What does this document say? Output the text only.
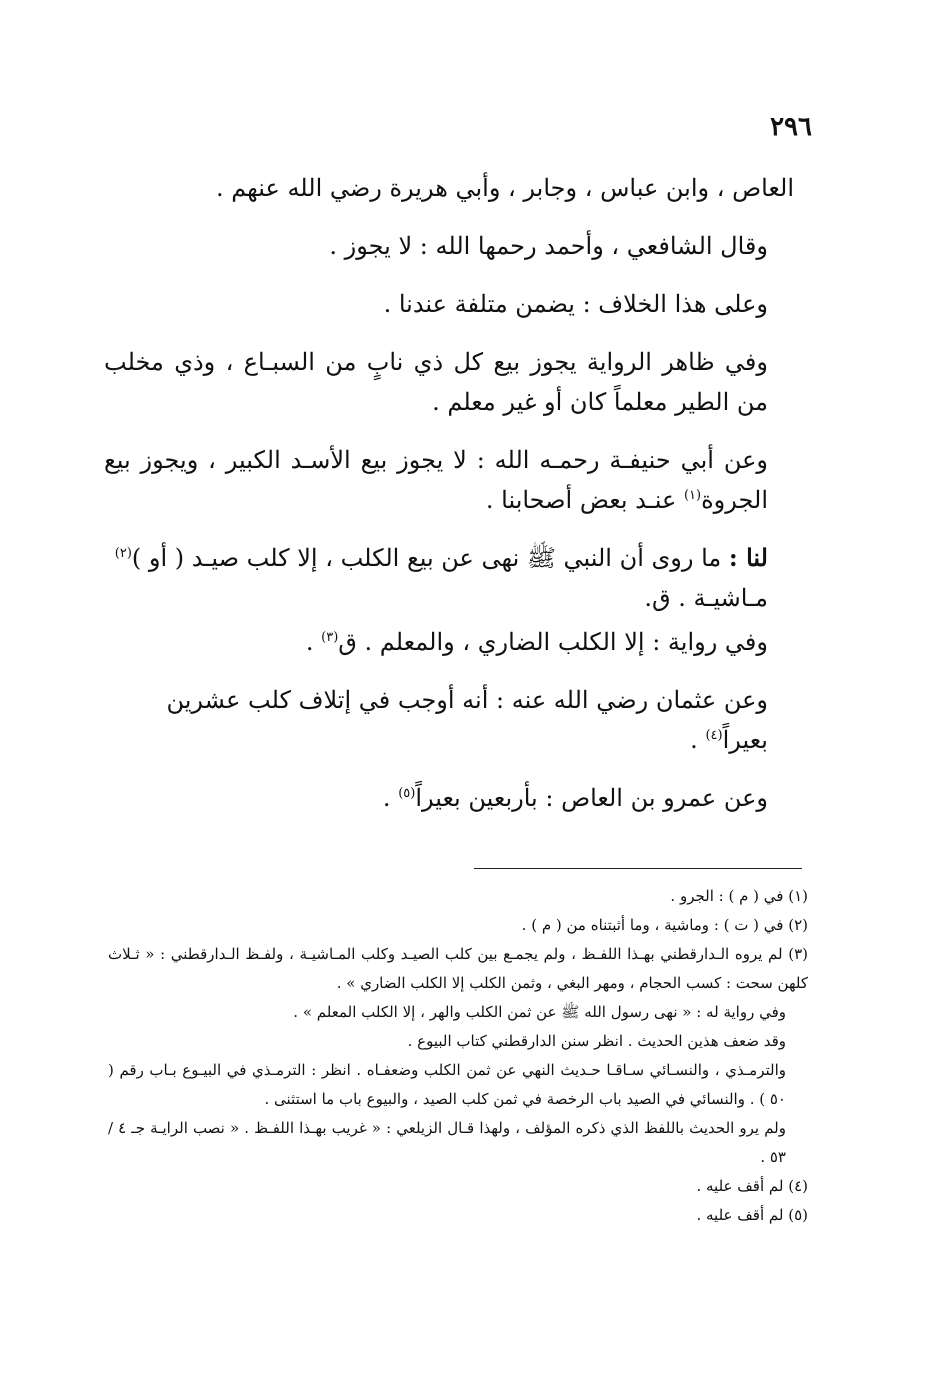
٢٩٦

العاص ، وابن عباس ، وجابر ، وأبي هريرة رضي الله عنهم .

وقال الشافعي ، وأحمد رحمها الله : لا يجوز .

وعلى هذا الخلاف : يضمن متلفة عندنا .

وفي ظاهر الرواية يجوز بيع كل ذي نابٍ من السبـاع ، وذي مخلب من الطير معلماً كان أو غير معلم .

وعن أبي حنيفـة رحمـه الله : لا يجوز بيع الأسـد الكبير ، ويجوز بيع الجروة$^{(١)}$ عنـد بعض أصحابنا .

لنا : ما روى أن النبي ﷺ نهى عن بيع الكلب ، إلا كلب صيـد ( أو )$^{(٢)}$ مـاشيـة . ق.

وفي رواية : إلا الكلب الضاري ، والمعلم . ق$^{(٣)}$ .

وعن عثمان رضي الله عنه : أنه أوجب في إتلاف كلب عشرين بعيراً$^{(٤)}$ .

وعن عمرو بن العاص : بأربعين بعيراً$^{(٥)}$ .

(١) في ( م ) : الجرو .

(٢) في ( ت ) : وماشية ، وما أثبتناه من ( م ) .

(٣) لم يروه الـدارقطني بهـذا اللفـظ ، ولم يجمـع بين كلب الصيـد وكلب المـاشيـة ، ولفـظ الـدارقطني : « ثـلاث كلهن سحت : كسب الحجام ، ومهر البغي ، وثمن الكلب إلا الكلب الضاري » .

وفي رواية له : « نهى رسول الله ﷺ عن ثمن الكلب والهر ، إلا الكلب المعلم » .

وقد ضعف هذين الحديث . انظر سنن الدارقطني كتاب البيوع .

والترمـذي ، والنسـائي سـاقـا حـديث النهي عن ثمن الكلب وضعفـاه . انظر : الترمـذي في البيـوع بـاب رقم ( ٥٠ ) . والنسائي في الصيد باب الرخصة في ثمن كلب الصيد ، والبيوع باب ما استثنى .

ولم يرو الحديث باللفظ الذي ذكره المؤلف ، ولهذا قـال الزيلعي : « غريب بهـذا اللفـظ . « نصب الرايـة جـ ٤ / ٥٣ .

(٤) لم أقف عليه .

(٥) لم أقف عليه .
